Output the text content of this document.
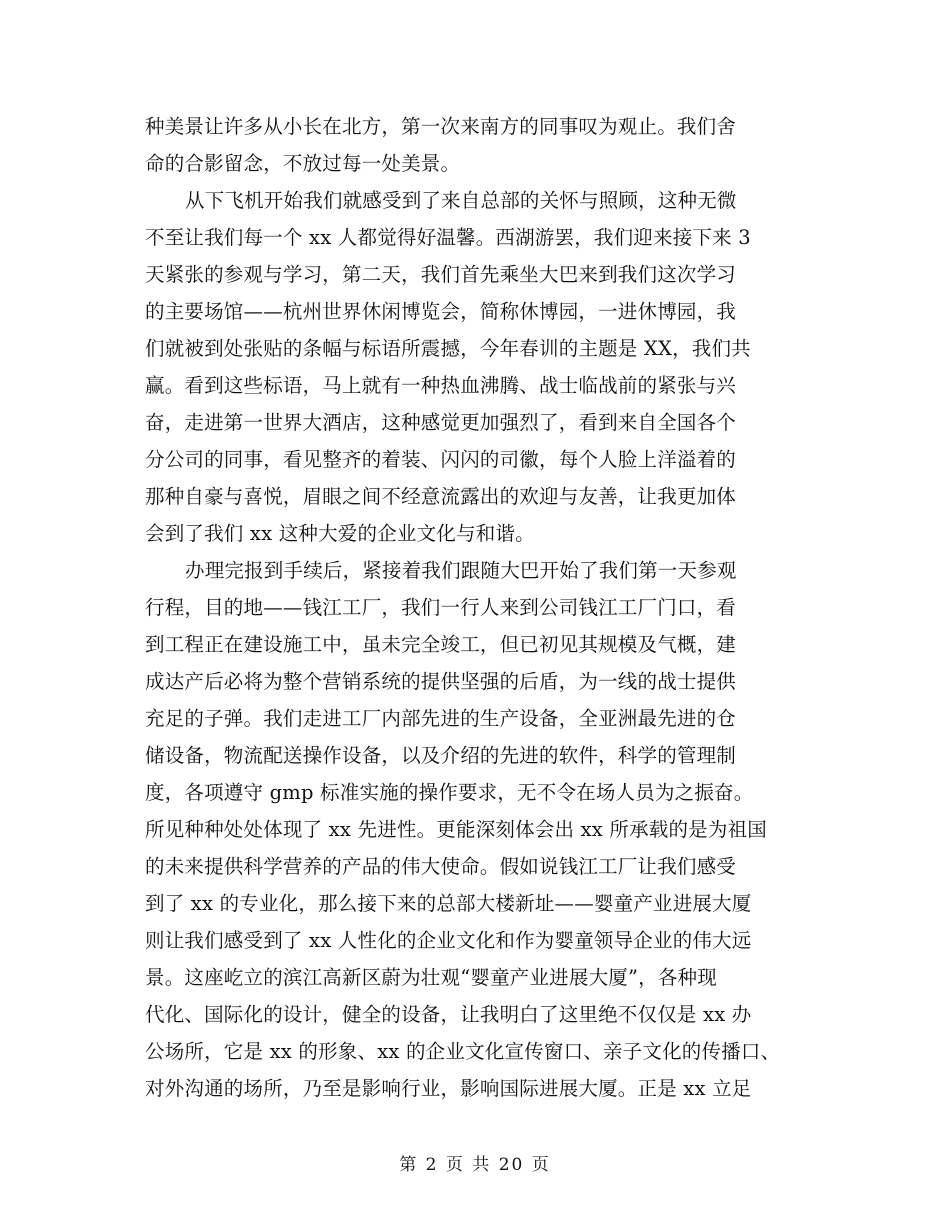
种美景让许多从小长在北方，第一次来南方的同事叹为观止。我们舍
命的合影留念，不放过每一处美景。
从下飞机开始我们就感受到了来自总部的关怀与照顾，这种无微
不至让我们每一个 xx 人都觉得好温馨。西湖游罢，我们迎来接下来 3
天紧张的参观与学习，第二天，我们首先乘坐大巴来到我们这次学习
的主要场馆——杭州世界休闲博览会，简称休博园，一进休博园，我
们就被到处张贴的条幅与标语所震撼，今年春训的主题是 XX，我们共
赢。看到这些标语，马上就有一种热血沸腾、战士临战前的紧张与兴
奋，走进第一世界大酒店，这种感觉更加强烈了，看到来自全国各个
分公司的同事，看见整齐的着装、闪闪的司徽，每个人脸上洋溢着的
那种自豪与喜悦，眉眼之间不经意流露出的欢迎与友善，让我更加体
会到了我们 xx 这种大爱的企业文化与和谐。
办理完报到手续后，紧接着我们跟随大巴开始了我们第一天参观
行程，目的地——钱江工厂，我们一行人来到公司钱江工厂门口，看
到工程正在建设施工中，虽未完全竣工，但已初见其规模及气概，建
成达产后必将为整个营销系统的提供坚强的后盾，为一线的战士提供
充足的子弹。我们走进工厂内部先进的生产设备，全亚洲最先进的仓
储设备，物流配送操作设备，以及介绍的先进的软件，科学的管理制
度，各项遵守 gmp 标准实施的操作要求，无不令在场人员为之振奋。
所见种种处处体现了 xx 先进性。更能深刻体会出 xx 所承载的是为祖国
的未来提供科学营养的产品的伟大使命。假如说钱江工厂让我们感受
到了 xx 的专业化，那么接下来的总部大楼新址——婴童产业进展大厦
则让我们感受到了 xx 人性化的企业文化和作为婴童领导企业的伟大远
景。这座屹立的滨江高新区蔚为壮观“婴童产业进展大厦”，各种现
代化、国际化的设计，健全的设备，让我明白了这里绝不仅仅是 xx 办
公场所，它是 xx 的形象、xx 的企业文化宣传窗口、亲子文化的传播口、
对外沟通的场所，乃至是影响行业，影响国际进展大厦。正是 xx 立足
第 2 页 共 20 页
